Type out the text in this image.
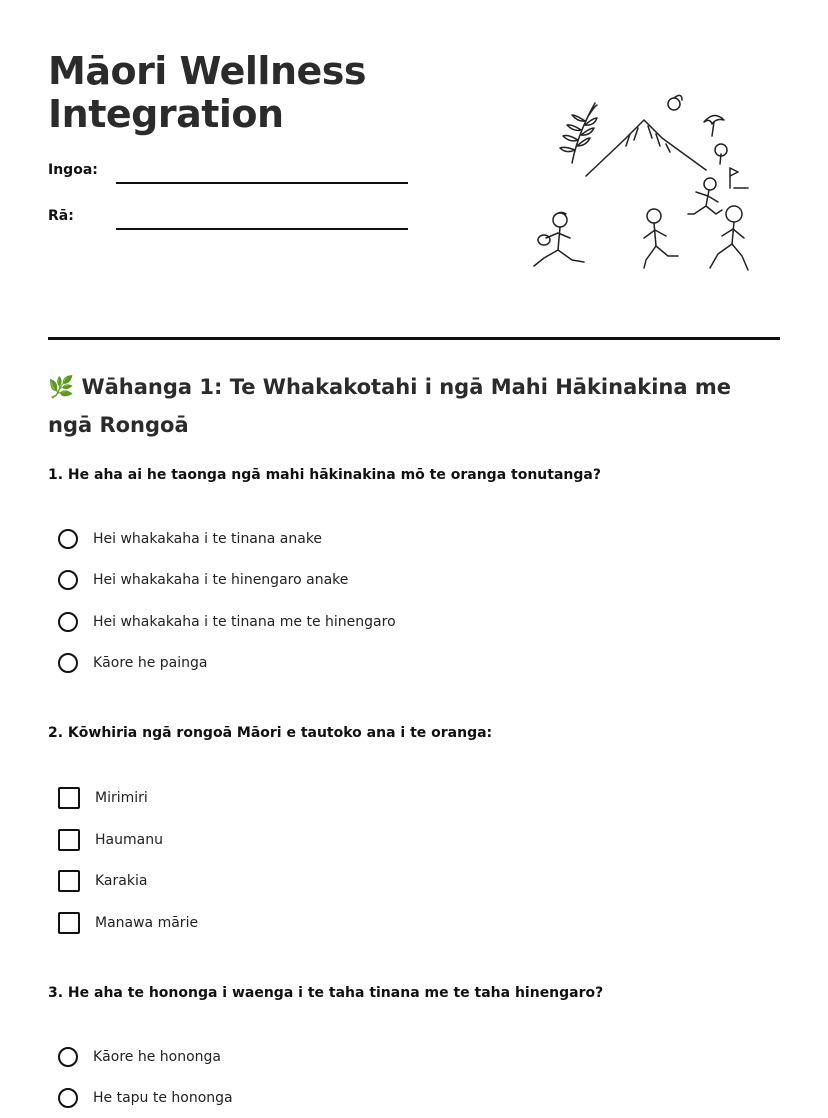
Māori Wellness
Integration
Ingoa:
Rā:
🌿 Wāhanga 1: Te Whakakotahi i ngā Mahi Hākinakina me ngā Rongoā

1. He aha ai he taonga ngā mahi hākinakina mō te oranga tonutanga?

Hei whakakaha i te tinana anake
Hei whakakaha i te hinengaro anake
Hei whakakaha i te tinana me te hinengaro
Kāore he painga

2. Kōwhiria ngā rongoā Māori e tautoko ana i te oranga:

Mirimiri
Haumanu
Karakia
Manawa mārie

3. He aha te hononga i waenga i te taha tinana me te taha hinengaro?

Kāore he hononga
He tapu te hononga
